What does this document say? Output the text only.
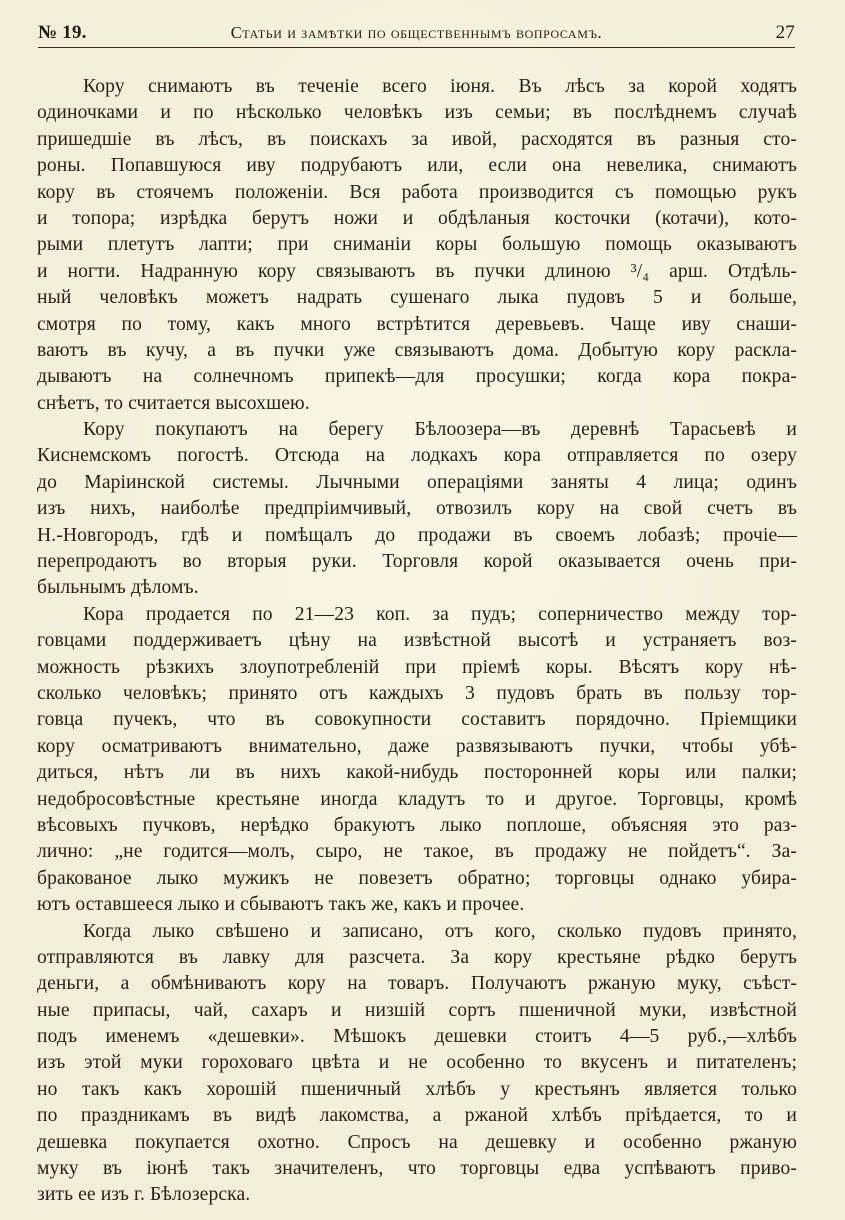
№ 19.	Статьи и замѣтки по общественнымъ вопросамъ.	27
Кору снимаютъ въ теченіе всего іюня. Въ лѣсъ за корой ходятъ
одиночками и по нѣсколько человѣкъ изъ семьи; въ послѣднемъ случаѣ
пришедшіе въ лѣсъ, въ поискахъ за ивой, расходятся въ разныя сто-
роны. Попавшуюся иву подрубаютъ или, если она невелика, снимаютъ
кору въ стоячемъ положеніи. Вся работа производится съ помощью рукъ
и топора; изрѣдка берутъ ножи и обдѣланыя косточки (котачи), кото-
рыми плетутъ лапти; при сниманіи коры большую помощь оказываютъ
и ногти. Надранную кору связываютъ въ пучки длиною ³/₄ арш. Отдѣль-
ный человѣкъ можетъ надрать сушенаго лыка пудовъ 5 и больше,
смотря по тому, какъ много встрѣтится деревьевъ. Чаще иву снаши-
ваютъ въ кучу, а въ пучки уже связываютъ дома. Добытую кору раскла-
дываютъ на солнечномъ припекѣ—для просушки; когда кора покра-
снѣетъ, то считается высохшею.
Кору покупаютъ на берегу Бѣлоозера—въ деревнѣ Тарасьевѣ и
Киснемскомъ погостѣ. Отсюда на лодкахъ кора отправляется по озеру
до Маріинской системы. Лычными операціями заняты 4 лица; одинъ
изъ нихъ, наиболѣе предпріимчивый, отвозилъ кору на свой счетъ въ
Н.-Новгородъ, гдѣ и помѣщалъ до продажи въ своемъ лобазѣ; прочіе—
перепродаютъ во вторыя руки. Торговля корой оказывается очень при-
быльнымъ дѣломъ.
Кора продается по 21—23 коп. за пудъ; соперничество между тор-
говцами поддерживаетъ цѣну на извѣстной высотѣ и устраняетъ воз-
можность рѣзкихъ злоупотребленій при пріемѣ коры. Вѣсятъ кору нѣ-
сколько человѣкъ; принято отъ каждыхъ 3 пудовъ брать въ пользу тор-
говца пучекъ, что въ совокупности составитъ порядочно. Пріемщики
кору осматриваютъ внимательно, даже развязываютъ пучки, чтобы убѣ-
диться, нѣтъ ли въ нихъ какой-нибудь посторонней коры или палки;
недобросовѣстные крестьяне иногда кладутъ то и другое. Торговцы, кромѣ
вѣсовыхъ пучковъ, нерѣдко бракуютъ лыко поплоше, объясняя это раз-
лично: „не годится—молъ, сыро, не такое, въ продажу не пойдетъ“. За-
бракованое лыко мужикъ не повезетъ обратно; торговцы однако убира-
ютъ оставшееся лыко и сбываютъ такъ же, какъ и прочее.
Когда лыко свѣшено и записано, отъ кого, сколько пудовъ принято,
отправляются въ лавку для разсчета. За кору крестьяне рѣдко берутъ
деньги, а обмѣниваютъ кору на товаръ. Получаютъ ржаную муку, съѣст-
ные припасы, чай, сахаръ и низшій сортъ пшеничной муки, извѣстной
подъ именемъ «дешевки». Мѣшокъ дешевки стоитъ 4—5 руб.,—хлѣбъ
изъ этой муки гороховаго цвѣта и не особенно то вкусенъ и питателенъ;
но такъ какъ хорошій пшеничный хлѣбъ у крестьянъ является только
по праздникамъ въ видѣ лакомства, а ржаной хлѣбъ пріѣдается, то и
дешевка покупается охотно. Спросъ на дешевку и особенно ржаную
муку въ іюнѣ такъ значителенъ, что торговцы едва успѣваютъ приво-
зить ее изъ г. Бѣлозерска.
